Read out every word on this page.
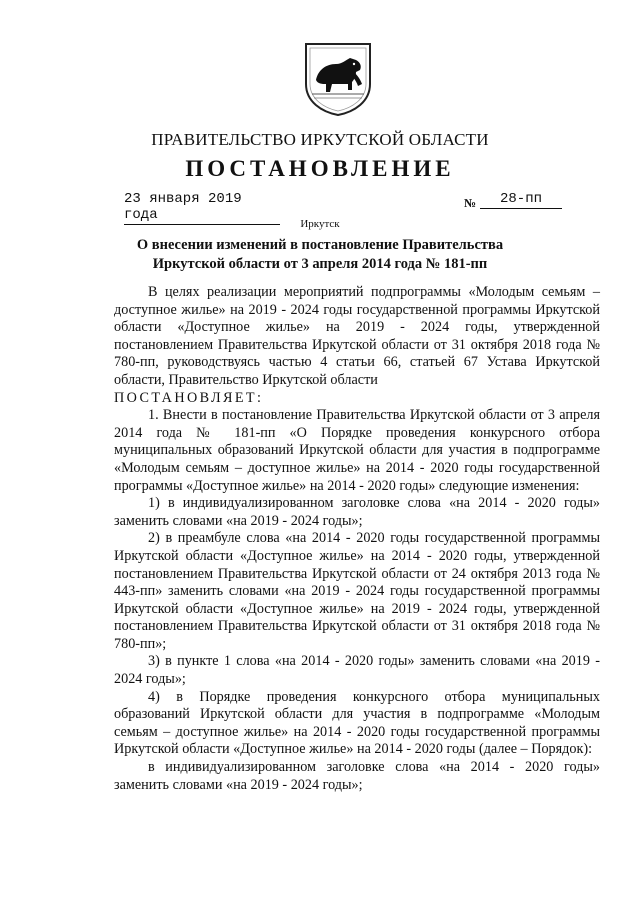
ПРАВИТЕЛЬСТВО ИРКУТСКОЙ ОБЛАСТИ
ПОСТАНОВЛЕНИЕ
23 января 2019 года
№	28-пп
Иркутск
О внесении изменений в постановление Правительства Иркутской области от 3 апреля 2014 года № 181-пп

В целях реализации мероприятий подпрограммы «Молодым семьям – доступное жилье» на 2019 - 2024 годы государственной программы Иркутской области «Доступное жилье» на 2019 - 2024 годы, утвержденной постановлением Правительства Иркутской области от 31 октября 2018 года № 780-пп, руководствуясь частью 4 статьи 66, статьей 67 Устава Иркутской области, Правительство Иркутской области

ПОСТАНОВЛЯЕТ:

1. Внести в постановление Правительства Иркутской области от 3 апреля 2014 года № 181-пп «О Порядке проведения конкурсного отбора муниципальных образований Иркутской области для участия в подпрограмме «Молодым семьям – доступное жилье» на 2014 - 2020 годы государственной программы «Доступное жилье» на 2014 - 2020 годы» следующие изменения:

1) в индивидуализированном заголовке слова «на 2014 - 2020 годы» заменить словами «на 2019 - 2024 годы»;

2) в преамбуле слова «на 2014 - 2020 годы государственной программы Иркутской области «Доступное жилье» на 2014 - 2020 годы, утвержденной постановлением Правительства Иркутской области от 24 октября 2013 года № 443-пп» заменить словами «на 2019 - 2024 годы государственной программы Иркутской области «Доступное жилье» на 2019 - 2024 годы, утвержденной постановлением Правительства Иркутской области от 31 октября 2018 года № 780-пп»;

3) в пункте 1 слова «на 2014 - 2020 годы» заменить словами «на 2019 - 2024 годы»;

4) в Порядке проведения конкурсного отбора муниципальных образований Иркутской области для участия в подпрограмме «Молодым семьям – доступное жилье» на 2014 - 2020 годы государственной программы Иркутской области «Доступное жилье» на 2014 - 2020 годы (далее – Порядок):

в индивидуализированном заголовке слова «на 2014 - 2020 годы» заменить словами «на 2019 - 2024 годы»;
